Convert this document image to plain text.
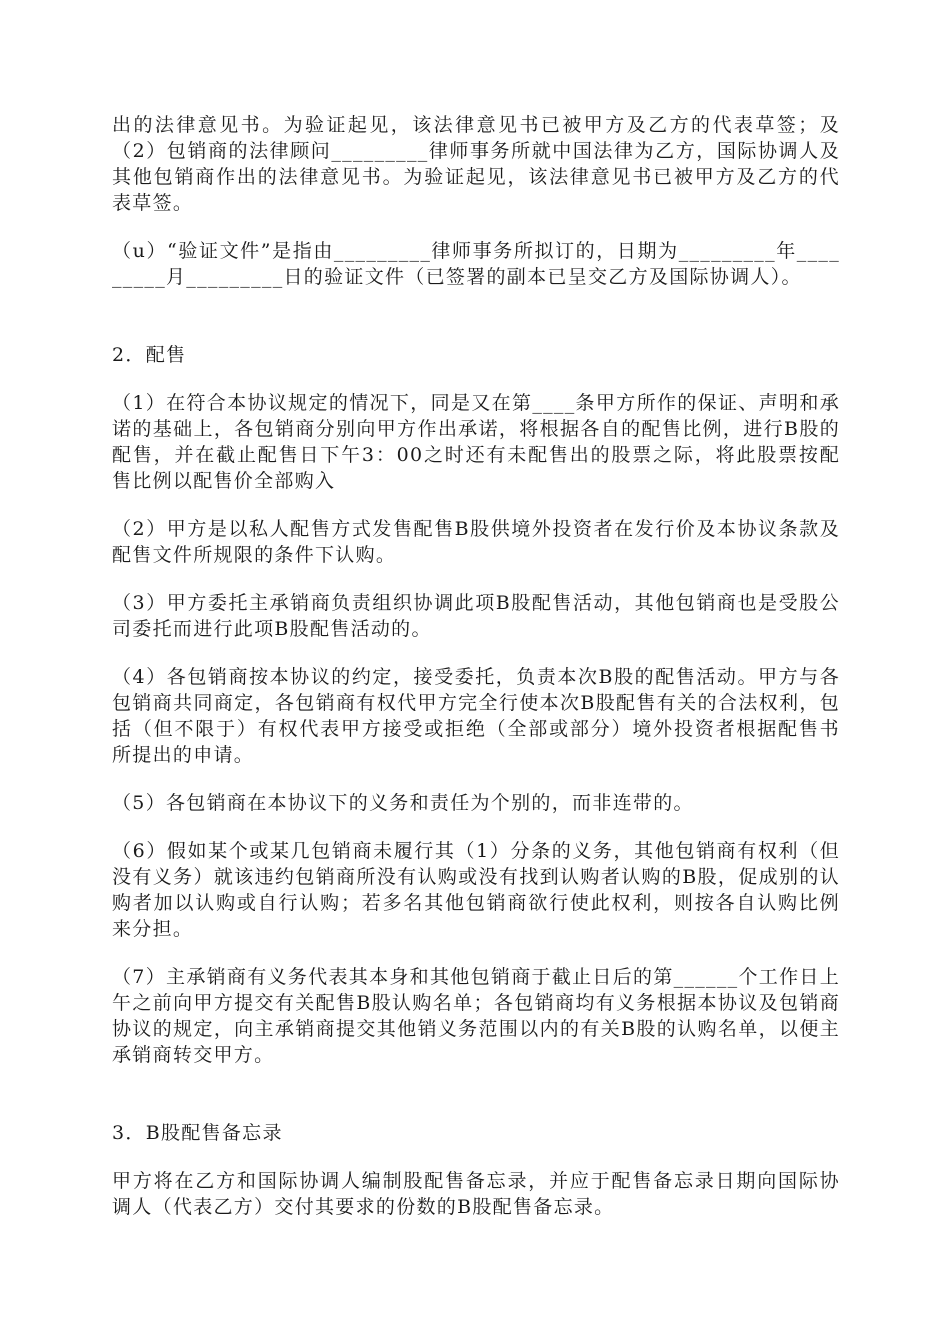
出的法律意见书。为验证起见，该法律意见书已被甲方及乙方的代表草签；及（2）包销商的法律顾问_________律师事务所就中国法律为乙方，国际协调人及其他包销商作出的法律意见书。为验证起见，该法律意见书已被甲方及乙方的代表草签。

（u）“验证文件”是指由_________律师事务所拟订的，日期为_________年_________月_________日的验证文件（已签署的副本已呈交乙方及国际协调人）。

2．配售

（1）在符合本协议规定的情况下，同是又在第____条甲方所作的保证、声明和承诺的基础上，各包销商分别向甲方作出承诺，将根据各自的配售比例，进行B股的配售，并在截止配售日下午3：00之时还有未配售出的股票之际，将此股票按配售比例以配售价全部购入

（2）甲方是以私人配售方式发售配售B股供境外投资者在发行价及本协议条款及配售文件所规限的条件下认购。

（3）甲方委托主承销商负责组织协调此项B股配售活动，其他包销商也是受股公司委托而进行此项B股配售活动的。

（4）各包销商按本协议的约定，接受委托，负责本次B股的配售活动。甲方与各包销商共同商定，各包销商有权代甲方完全行使本次B股配售有关的合法权利，包括（但不限于）有权代表甲方接受或拒绝（全部或部分）境外投资者根据配售书所提出的申请。

（5）各包销商在本协议下的义务和责任为个别的，而非连带的。

（6）假如某个或某几包销商未履行其（1）分条的义务，其他包销商有权利（但没有义务）就该违约包销商所没有认购或没有找到认购者认购的B股，促成别的认购者加以认购或自行认购；若多名其他包销商欲行使此权利，则按各自认购比例来分担。

（7）主承销商有义务代表其本身和其他包销商于截止日后的第______个工作日上午之前向甲方提交有关配售B股认购名单；各包销商均有义务根据本协议及包销商协议的规定，向主承销商提交其他销义务范围以内的有关B股的认购名单，以便主承销商转交甲方。

3．B股配售备忘录

甲方将在乙方和国际协调人编制股配售备忘录，并应于配售备忘录日期向国际协调人（代表乙方）交付其要求的份数的B股配售备忘录。
